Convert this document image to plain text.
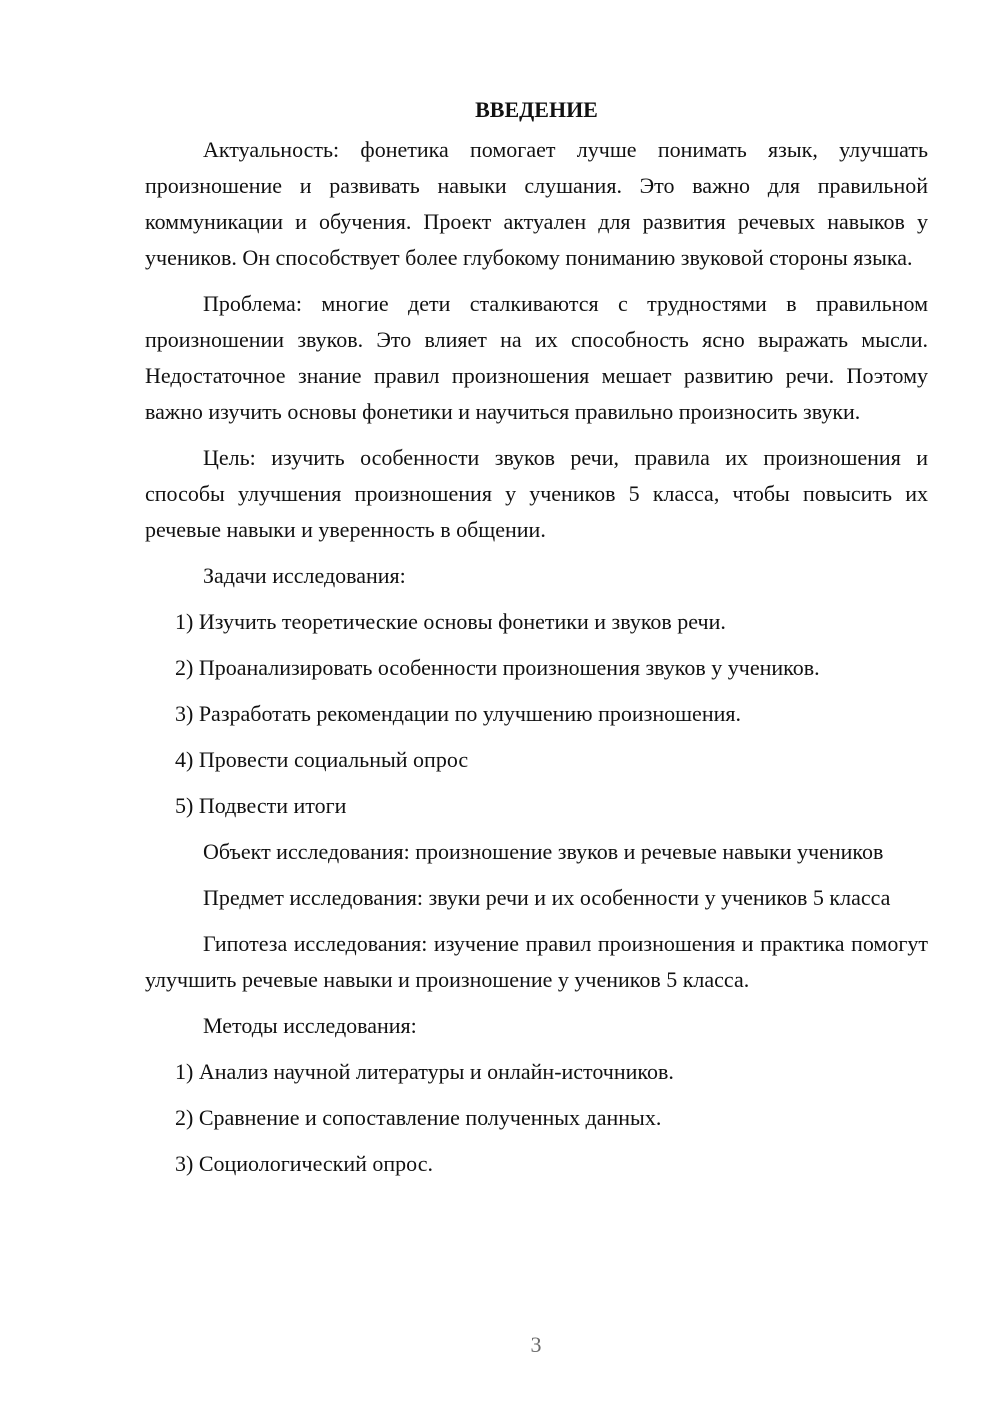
ВВЕДЕНИЕ

Актуальность: фонетика помогает лучше понимать язык, улучшать произношение и развивать навыки слушания. Это важно для правильной коммуникации и обучения. Проект актуален для развития речевых навыков у учеников. Он способствует более глубокому пониманию звуковой стороны языка.

Проблема: многие дети сталкиваются с трудностями в правильном произношении звуков. Это влияет на их способность ясно выражать мысли. Недостаточное знание правил произношения мешает развитию речи. Поэтому важно изучить основы фонетики и научиться правильно произносить звуки.

Цель: изучить особенности звуков речи, правила их произношения и способы улучшения произношения у учеников 5 класса, чтобы повысить их речевые навыки и уверенность в общении.

Задачи исследования:

1) Изучить теоретические основы фонетики и звуков речи.
2) Проанализировать особенности произношения звуков у учеников.
3) Разработать рекомендации по улучшению произношения.
4) Провести социальный опрос
5) Подвести итоги

Объект исследования: произношение звуков и речевые навыки учеников

Предмет исследования: звуки речи и их особенности у учеников 5 класса

Гипотеза исследования: изучение правил произношения и практика помогут улучшить речевые навыки и произношение у учеников 5 класса.

Методы исследования:

1) Анализ научной литературы и онлайн-источников.
2) Сравнение и сопоставление полученных данных.
3) Социологический опрос.
3
